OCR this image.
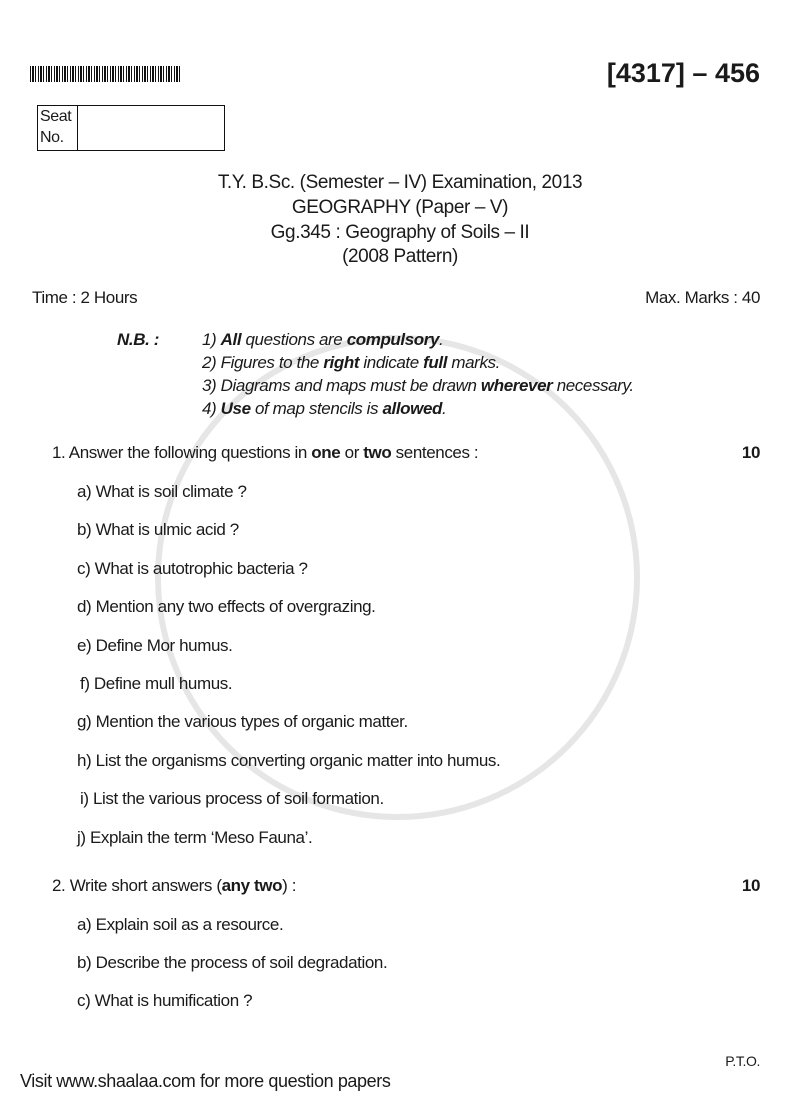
[4317] – 456
Seat
No.
T.Y. B.Sc. (Semester – IV) Examination, 2013
GEOGRAPHY (Paper – V)
Gg.345 : Geography of Soils – II
(2008 Pattern)
Time : 2 Hours	Max. Marks : 40
N.B. :	1) All questions are compulsory.
2) Figures to the right indicate full marks.
3) Diagrams and maps must be drawn wherever necessary.
4) Use of map stencils is allowed.
1. Answer the following questions in one or two sentences :	10
a) What is soil climate ?
b) What is ulmic acid ?
c) What is autotrophic bacteria ?
d) Mention any two effects of overgrazing.
e) Define Mor humus.
f) Define mull humus.
g) Mention the various types of organic matter.
h) List the organisms converting organic matter into humus.
i) List the various process of soil formation.
j) Explain the term ‘Meso Fauna’.
2. Write short answers (any two) :	10
a) Explain soil as a resource.
b) Describe the process of soil degradation.
c) What is humification ?
P.T.O.
Visit www.shaalaa.com for more question papers
